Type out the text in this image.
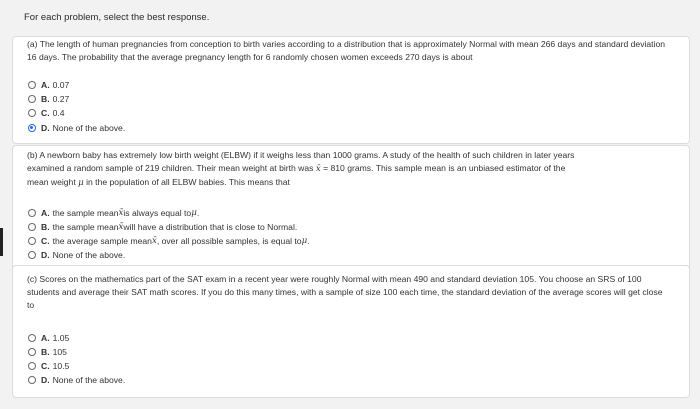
For each problem, select the best response.
(a) The length of human pregnancies from conception to birth varies according to a distribution that is approximately Normal with mean 266 days and standard deviation 16 days. The probability that the average pregnancy length for 6 randomly chosen women exceeds 270 days is about
A. 0.07
B. 0.27
C. 0.4
D. None of the above.
(b) A newborn baby has extremely low birth weight (ELBW) if it weighs less than 1000 grams. A study of the health of such children in later years
examined a random sample of 219 children. Their mean weight at birth was x̄ = 810 grams. This sample mean is an unbiased estimator of the
mean weight μ in the population of all ELBW babies. This means that
A. the sample mean x̄ is always equal to μ .
B. the sample mean x̄ will have a distribution that is close to Normal.
C. the average sample mean x̄ , over all possible samples, is equal to μ .
D. None of the above.
(c) Scores on the mathematics part of the SAT exam in a recent year were roughly Normal with mean 490 and standard deviation 105. You choose an SRS of 100 students and average their SAT math scores. If you do this many times, with a sample of size 100 each time, the standard deviation of the average scores will get close to
A. 1.05
B. 105
C. 10.5
D. None of the above.
